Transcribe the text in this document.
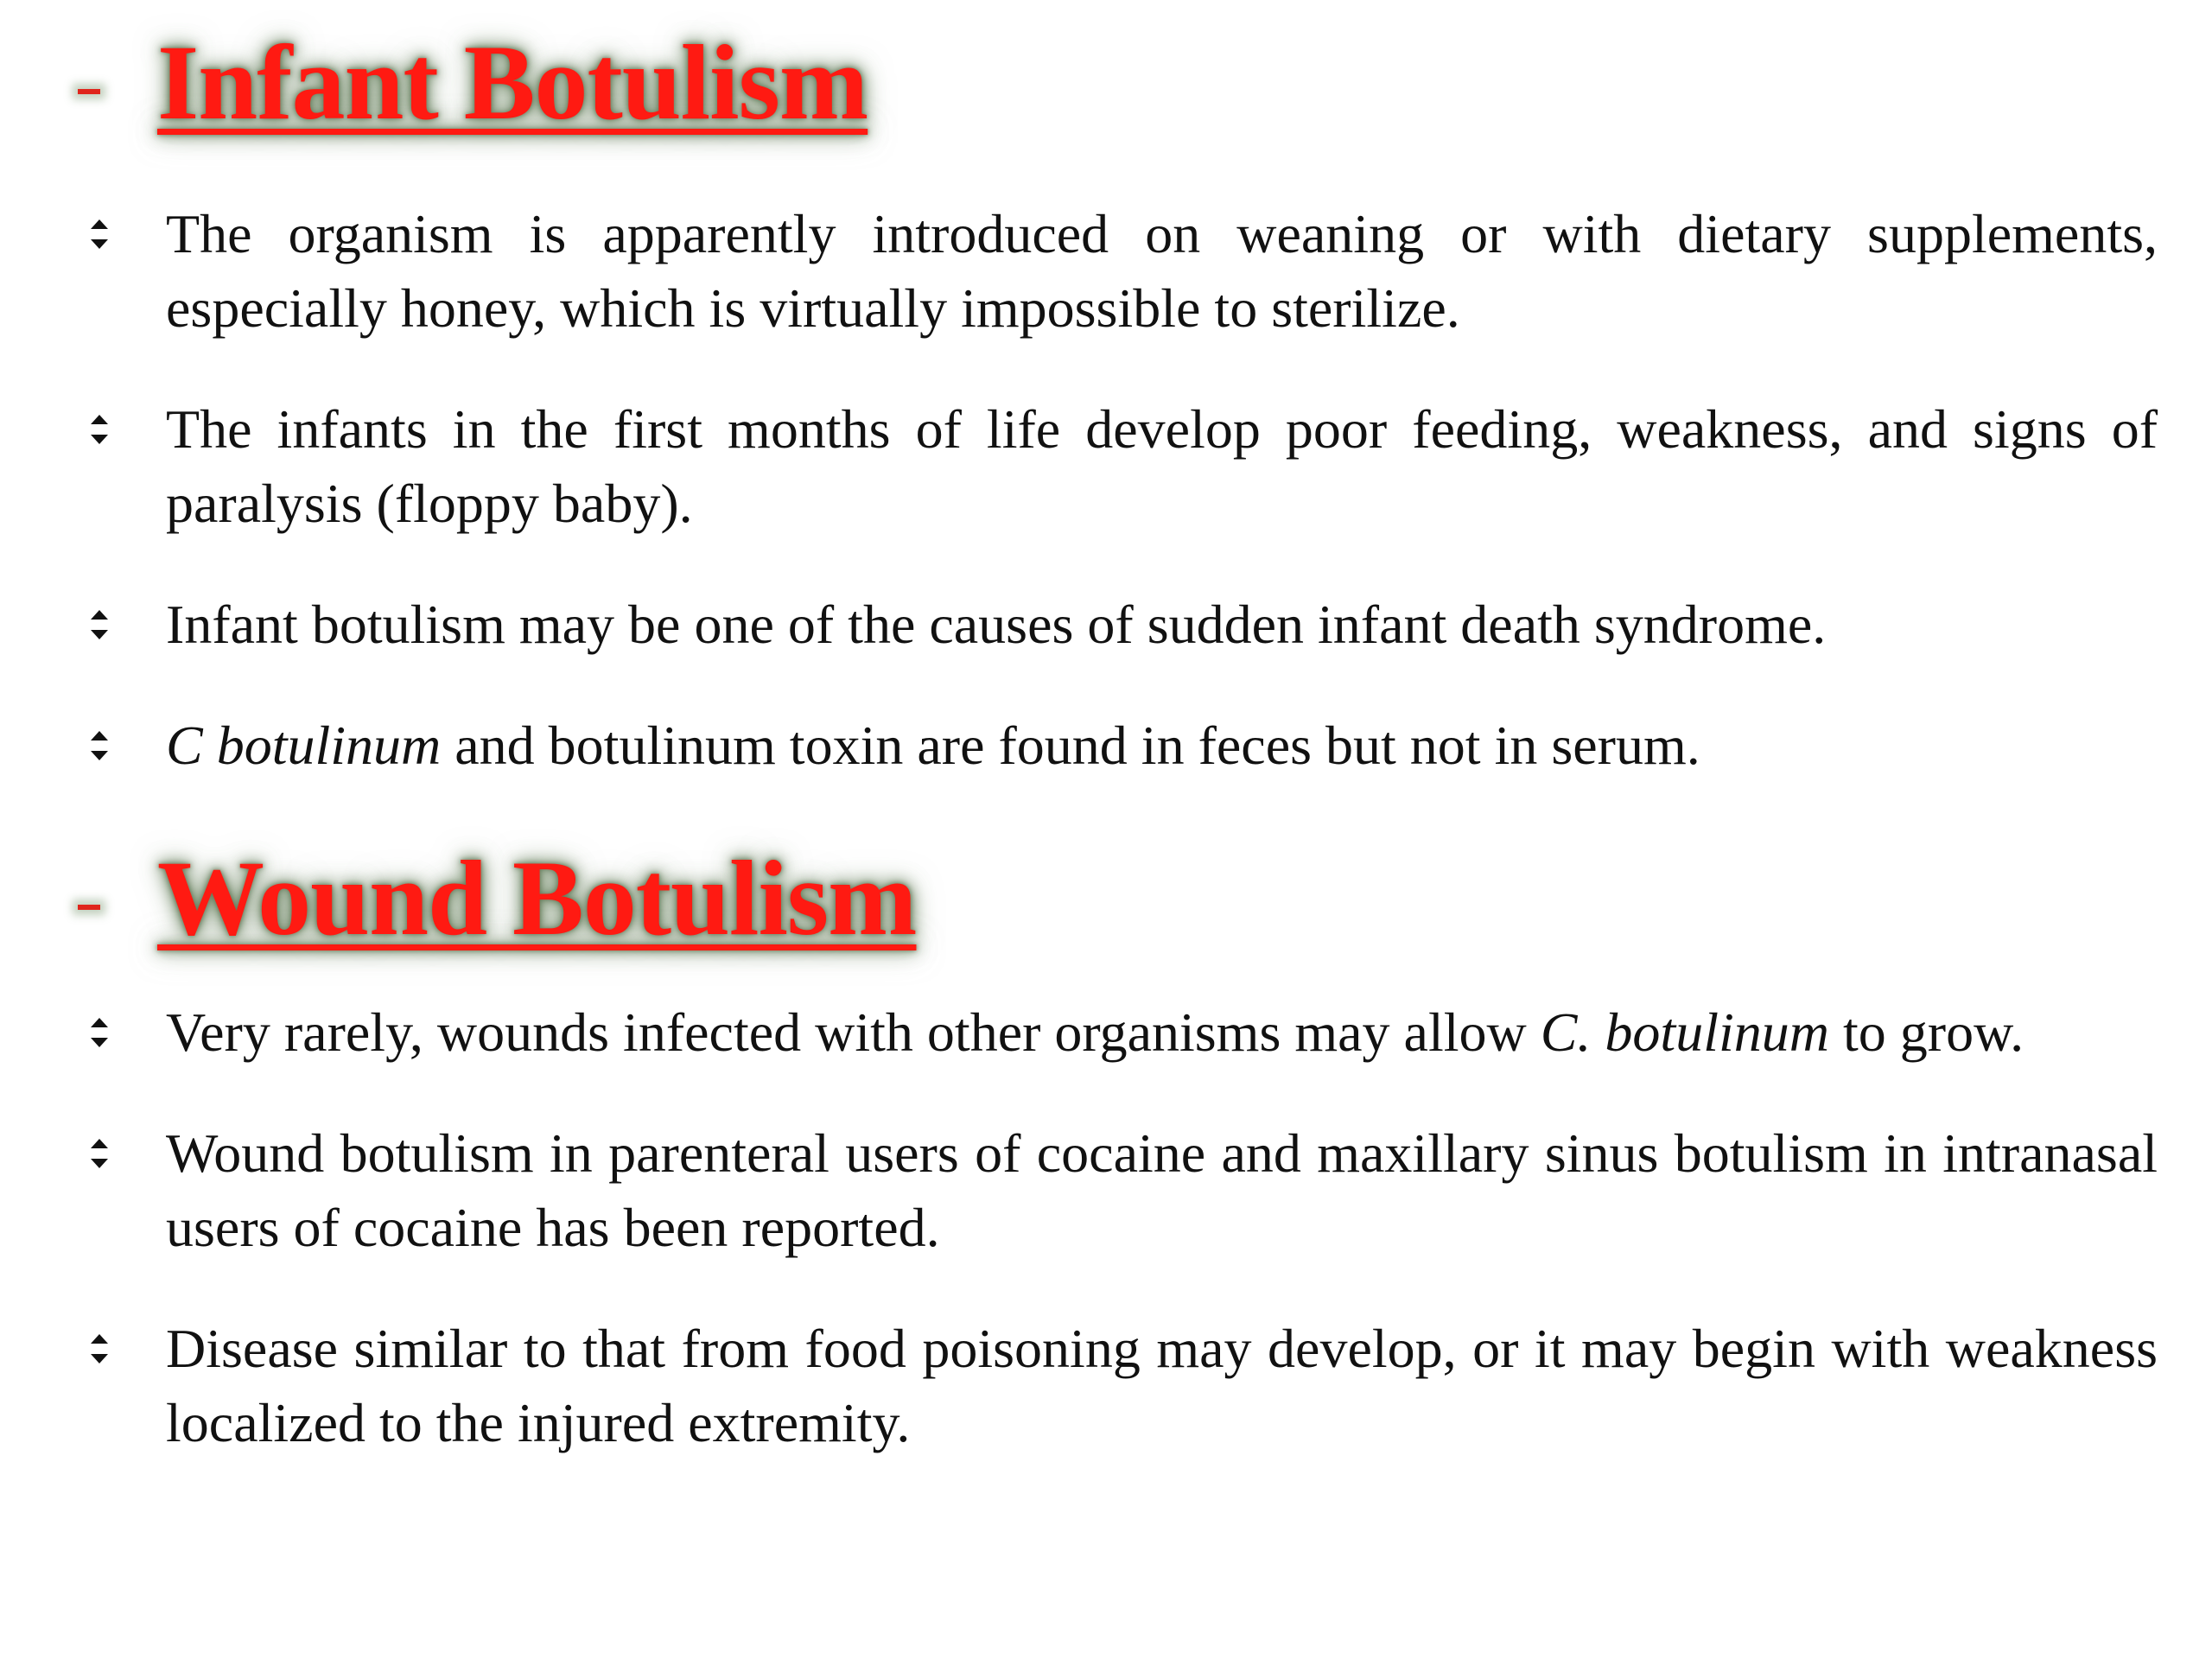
Infant Botulism
The organism is apparently introduced on weaning or with dietary supplements, especially honey, which is virtually impossible to sterilize.
The infants in the first months of life develop poor feeding, weakness, and signs of paralysis (floppy baby).
Infant botulism may be one of the causes of sudden infant death syndrome.
C botulinum and botulinum toxin are found in feces but not in serum.
Wound Botulism
Very rarely, wounds infected with other organisms may allow C. botulinum to grow.
Wound botulism in parenteral users of cocaine and maxillary sinus botulism in intranasal users of cocaine has been reported.
Disease similar to that from food poisoning may develop, or it may begin with weakness localized to the injured extremity.
